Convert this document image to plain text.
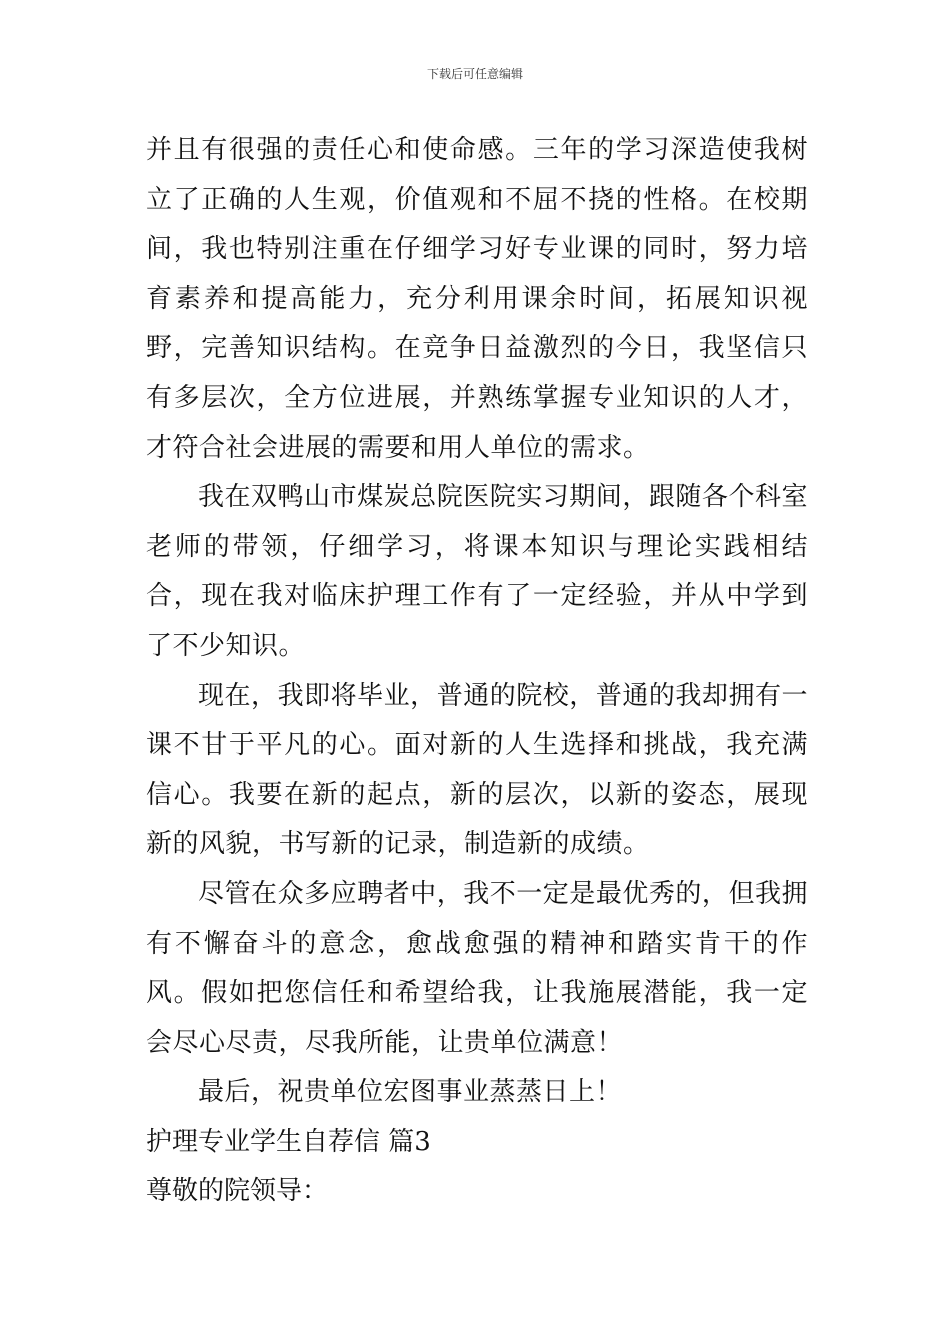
下载后可任意编辑

并且有很强的责任心和使命感。三年的学习深造使我树立了正确的人生观，价值观和不屈不挠的性格。在校期间，我也特别注重在仔细学习好专业课的同时，努力培育素养和提高能力，充分利用课余时间，拓展知识视野，完善知识结构。在竞争日益激烈的今日，我坚信只有多层次，全方位进展，并熟练掌握专业知识的人才，才符合社会进展的需要和用人单位的需求。

我在双鸭山市煤炭总院医院实习期间，跟随各个科室老师的带领，仔细学习，将课本知识与理论实践相结合，现在我对临床护理工作有了一定经验，并从中学到了不少知识。

现在，我即将毕业，普通的院校，普通的我却拥有一课不甘于平凡的心。面对新的人生选择和挑战，我充满信心。我要在新的起点，新的层次，以新的姿态，展现新的风貌，书写新的记录，制造新的成绩。

尽管在众多应聘者中，我不一定是最优秀的，但我拥有不懈奋斗的意念，愈战愈强的精神和踏实肯干的作风。假如把您信任和希望给我，让我施展潜能，我一定会尽心尽责，尽我所能，让贵单位满意！

最后，祝贵单位宏图事业蒸蒸日上！

护理专业学生自荐信 篇3

尊敬的院领导：
